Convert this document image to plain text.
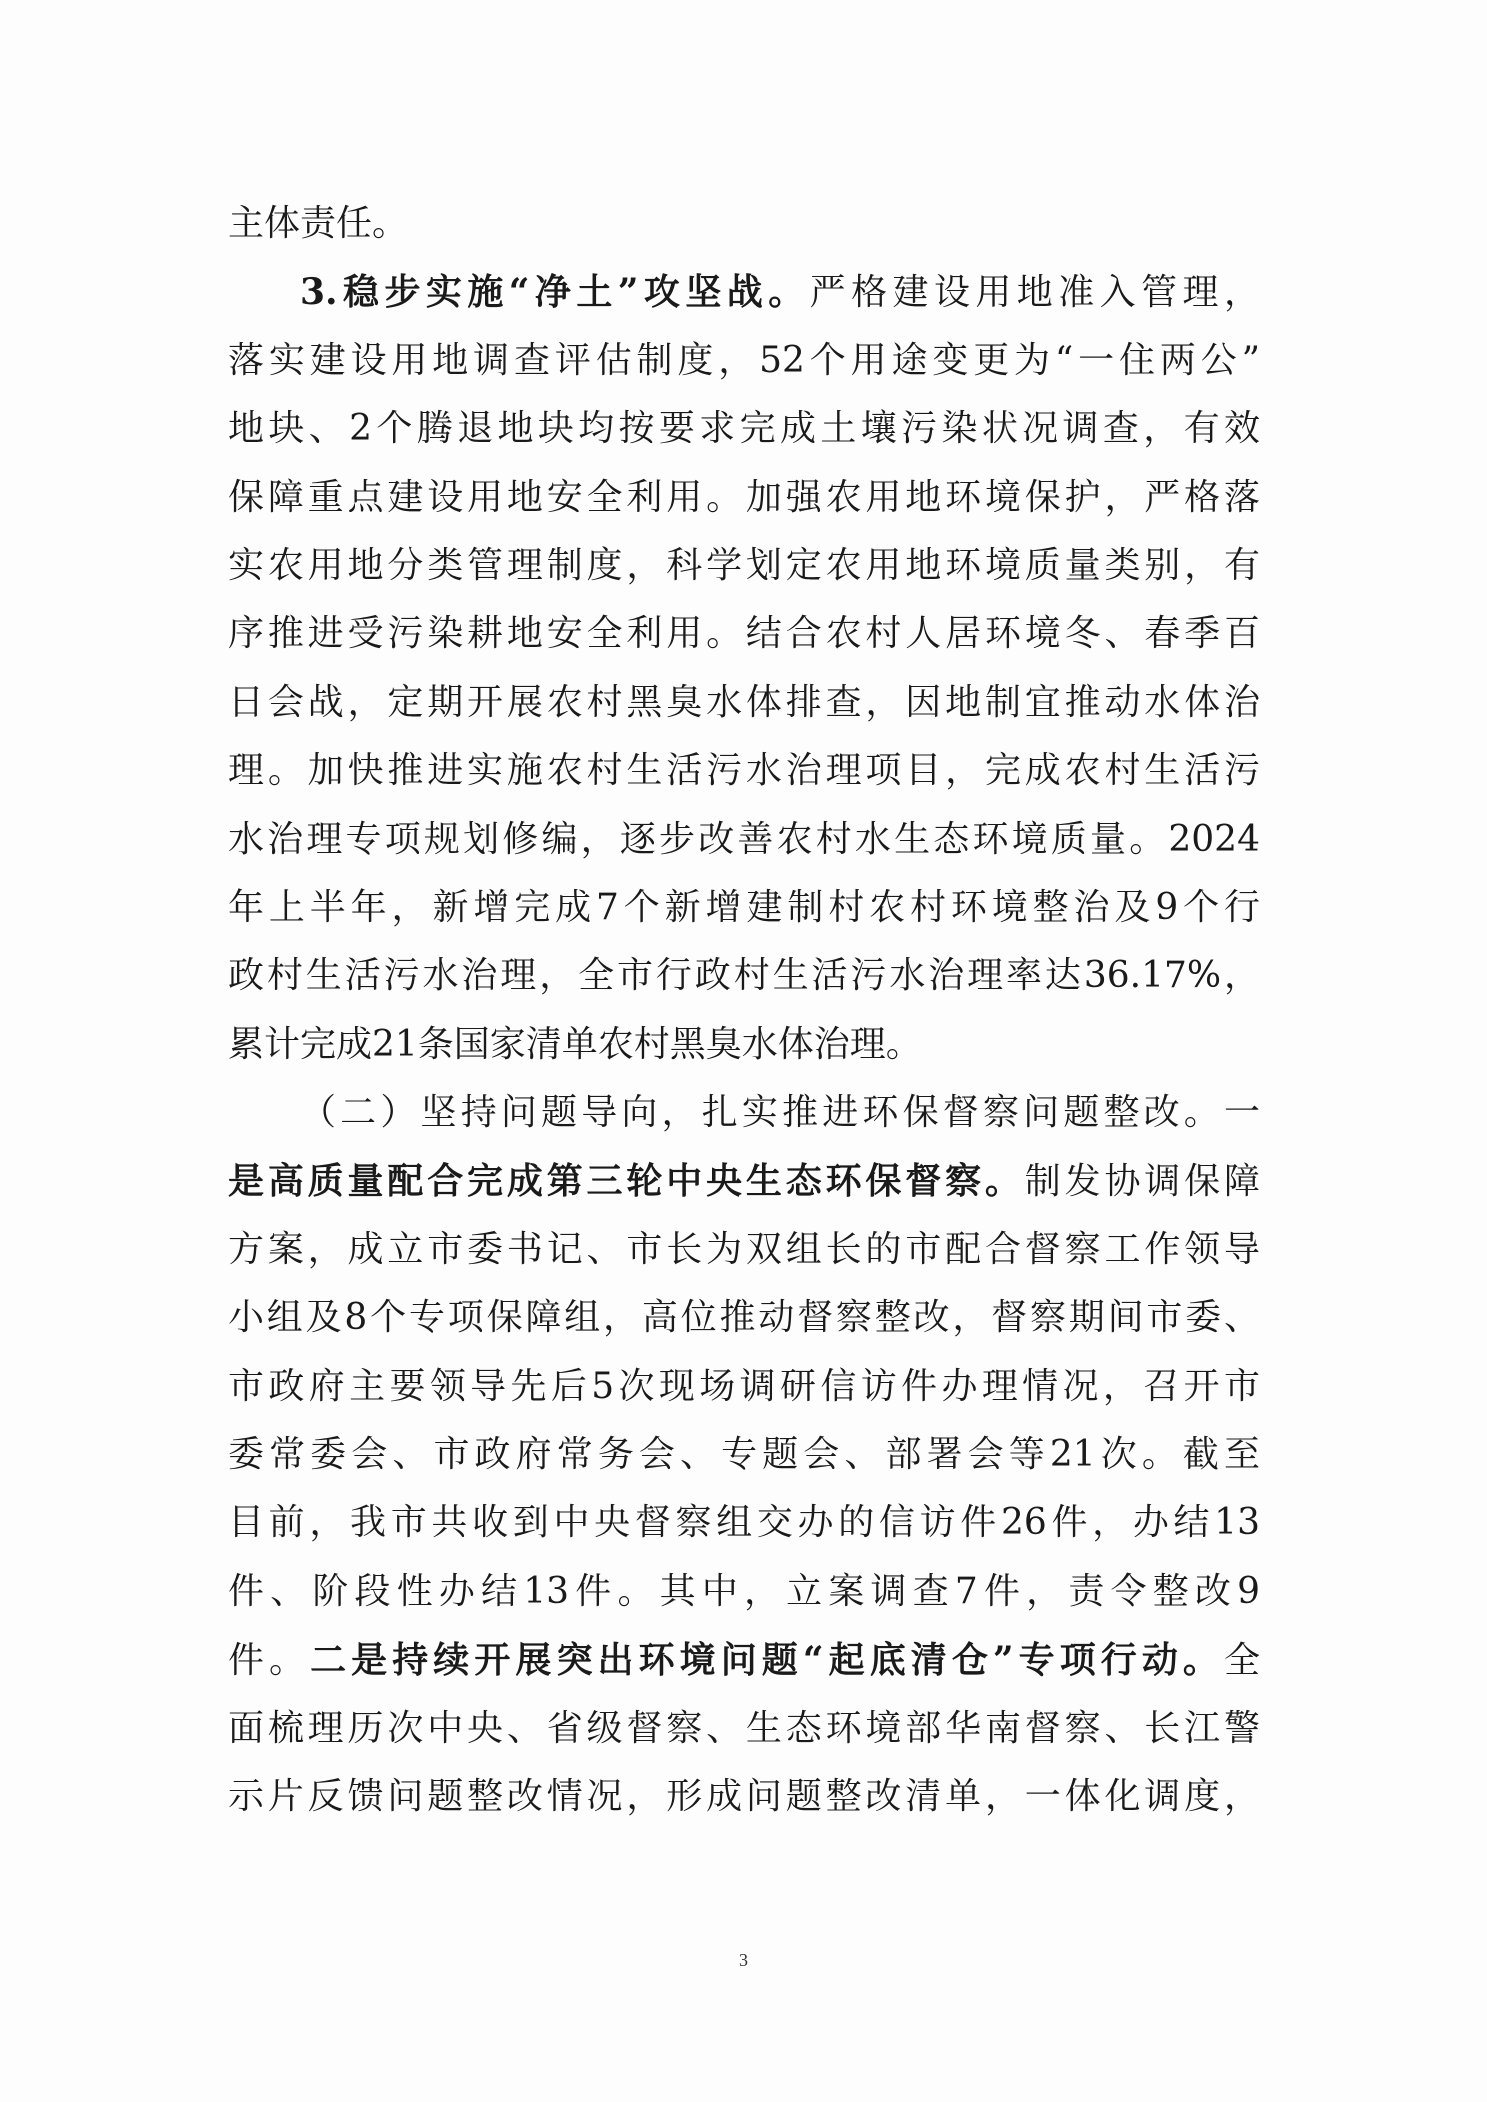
主体责任。
3.稳步实施“净土”攻坚战。严格建设用地准入管理，
落实建设用地调查评估制度，52个用途变更为“一住两公”
地块、2个腾退地块均按要求完成土壤污染状况调查，有效
保障重点建设用地安全利用。加强农用地环境保护，严格落
实农用地分类管理制度，科学划定农用地环境质量类别，有
序推进受污染耕地安全利用。结合农村人居环境冬、春季百
日会战，定期开展农村黑臭水体排查，因地制宜推动水体治
理。加快推进实施农村生活污水治理项目，完成农村生活污
水治理专项规划修编，逐步改善农村水生态环境质量。2024
年上半年，新增完成7个新增建制村农村环境整治及9个行
政村生活污水治理，全市行政村生活污水治理率达36.17%，
累计完成21条国家清单农村黑臭水体治理。
（二）坚持问题导向，扎实推进环保督察问题整改。一
是高质量配合完成第三轮中央生态环保督察。制发协调保障
方案，成立市委书记、市长为双组长的市配合督察工作领导
小组及8个专项保障组，高位推动督察整改，督察期间市委、
市政府主要领导先后5次现场调研信访件办理情况，召开市
委常委会、市政府常务会、专题会、部署会等21次。截至
目前，我市共收到中央督察组交办的信访件26件，办结13
件、阶段性办结13件。其中，立案调查7件，责令整改9
件。二是持续开展突出环境问题“起底清仓”专项行动。全
面梳理历次中央、省级督察、生态环境部华南督察、长江警
示片反馈问题整改情况，形成问题整改清单，一体化调度，
3
